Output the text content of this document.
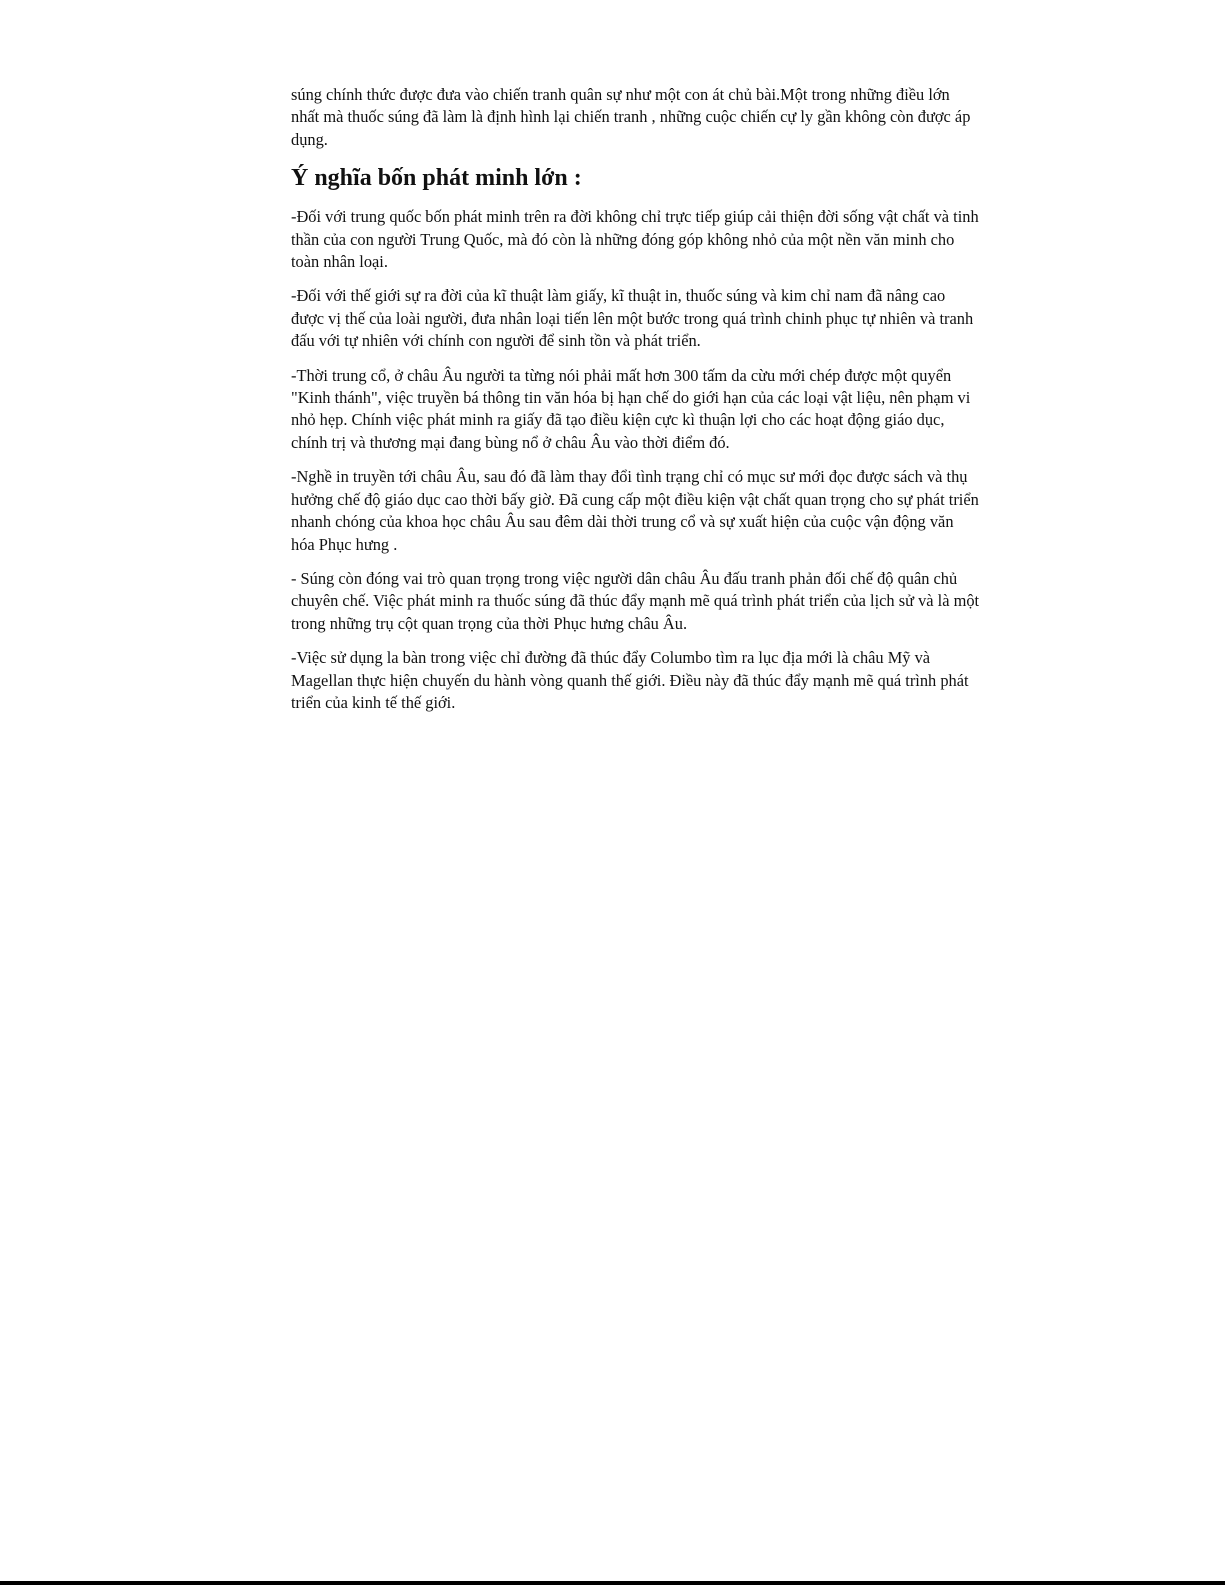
súng chính thức được đưa vào chiến tranh quân sự như một con át chủ bài.Một trong những điều lớn nhất mà thuốc súng đã làm là định hình lại chiến tranh , những cuộc chiến cự ly gần không còn được áp dụng.

Ý nghĩa bốn phát minh lớn :

-Đối với trung quốc bốn phát minh trên ra đời không chỉ trực tiếp giúp cải thiện đời sống vật chất và tinh thần của con người Trung Quốc, mà đó còn là những đóng góp không nhỏ của một nền văn minh cho toàn nhân loại.

-Đối với thế giới sự ra đời của kĩ thuật làm giấy, kĩ thuật in, thuốc súng và kim chỉ nam đã nâng cao được vị thế của loài người, đưa nhân loại tiến lên một bước trong quá trình chinh phục tự nhiên và tranh đấu với tự nhiên với chính con người để sinh tồn và phát triển.

-Thời trung cổ, ở châu Âu người ta từng nói phải mất hơn 300 tấm da cừu mới chép được một quyển "Kinh thánh", việc truyền bá thông tin văn hóa bị hạn chế do giới hạn của các loại vật liệu, nên phạm vi nhỏ hẹp. Chính việc phát minh ra giấy đã tạo điều kiện cực kì thuận lợi cho các hoạt động giáo dục, chính trị và thương mại đang bùng nổ ở châu Âu vào thời điểm đó.

-Nghề in truyền tới châu Âu, sau đó đã làm thay đổi tình trạng chỉ có mục sư mới đọc được sách và thụ hưởng chế độ giáo dục cao thời bấy giờ. Đã cung cấp một điều kiện vật chất quan trọng cho sự phát triển nhanh chóng của khoa học châu Âu sau đêm dài thời trung cổ và sự xuất hiện của cuộc vận động văn hóa Phục hưng .

- Súng còn đóng vai trò quan trọng trong việc người dân châu Âu đấu tranh phản đối chế độ quân chủ chuyên chế. Việc phát minh ra thuốc súng đã thúc đẩy mạnh mẽ quá trình phát triển của lịch sử và là một trong những trụ cột quan trọng của thời Phục hưng châu Âu.

-Việc sử dụng la bàn trong việc chỉ đường đã thúc đẩy Columbo tìm ra lục địa mới là châu Mỹ và Magellan thực hiện chuyến du hành vòng quanh thế giới. Điều này đã thúc đẩy mạnh mẽ quá trình phát triển của kinh tế thế giới.
